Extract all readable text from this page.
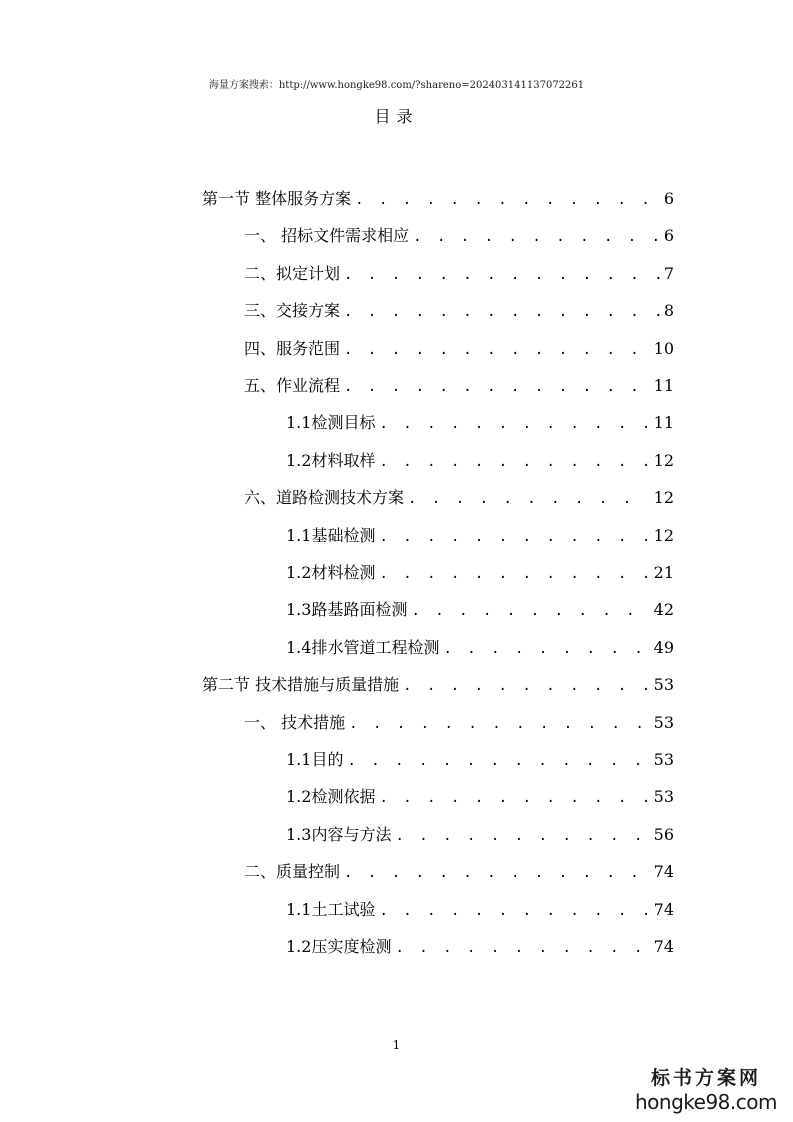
海量方案搜索：http://www.hongke98.com/?shareno=20240314113707​2261
目录
第一节 整体服务方案 . . .	6
一、 招标文件需求相应 . . .	6
二、拟定计划 . . .	7
三、交接方案 . . .	8
四、服务范围 . . .	10
五、作业流程 . . .	11
1.1检测目标 . . .	11
1.2材料取样 . . .	12
六、道路检测技术方案 . . .	12
1.1基础检测 . . .	12
1.2材料检测 . . .	21
1.3路基路面检测 . . .	42
1.4排水管道工程检测 . . .	49
第二节 技术措施与质量措施 . . .	53
一、 技术措施 . . .	53
1.1目的 . . .	53
1.2检测依据 . . .	53
1.3内容与方法 . . .	56
二、质量控制 . . .	74
1.1土工试验 . . .	74
1.2压实度检测 . . .	74
1
标书方案网
hongke98.com
